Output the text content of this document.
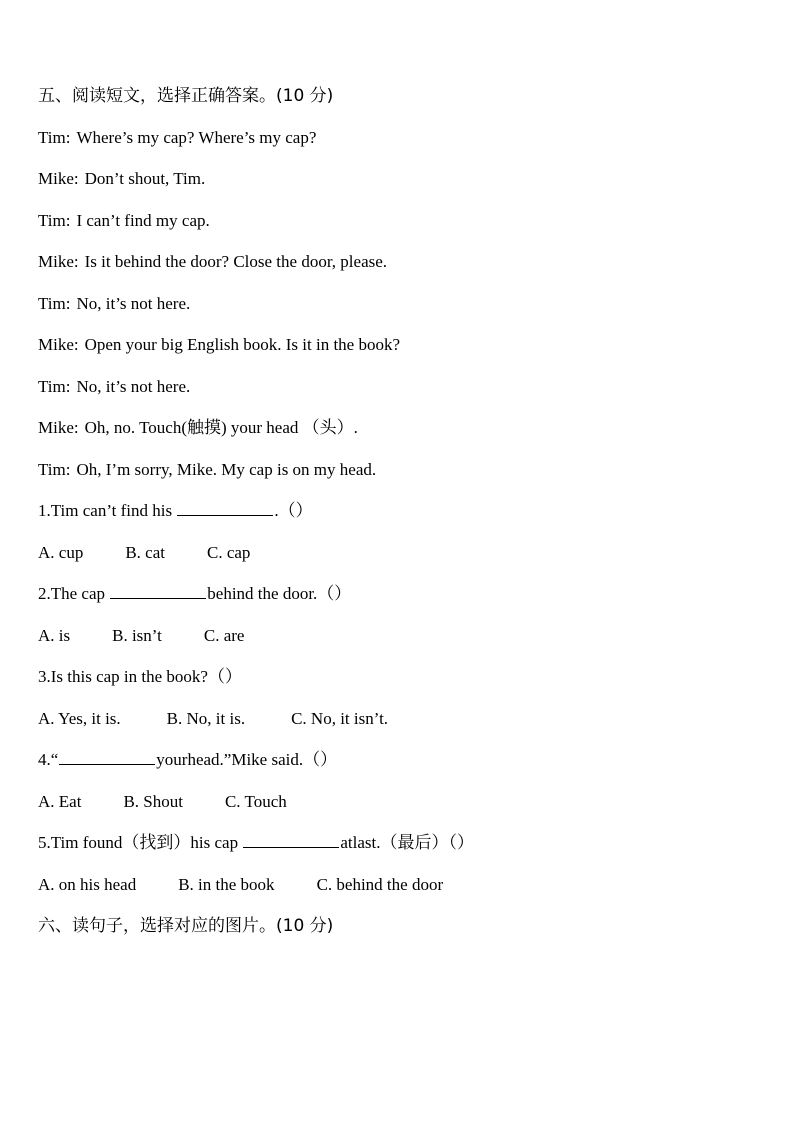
五、阅读短文，选择正确答案。(10 分)
Tim: Where’s my cap? Where’s my cap?
Mike: Don’t shout, Tim.
Tim: I can’t find my cap.
Mike: Is it behind the door? Close the door, please.
Tim: No, it’s not here.
Mike: Open your big English book. Is it in the book?
Tim: No, it’s not here.
Mike: Oh, no. Touch(触摸) your head （头）.
Tim: Oh, I’m sorry, Mike. My cap is on my head.
1.Tim can’t find his	.（）
A. cup B. cat C. cap
2.The cap	behind the door.（）
A. is B. isn’t C. are
3.Is this cap in the book?（）
A. Yes, it is.	B. No, it is.	C. No, it isn’t.
4.“	yourhead.”Mike said.（）
A. Eat B. Shout C. Touch
5.Tim found（找到）his cap	atlast.（最后）（）
A. on his head B. in the book C. behind the door
六、读句子，选择对应的图片。(10 分)
